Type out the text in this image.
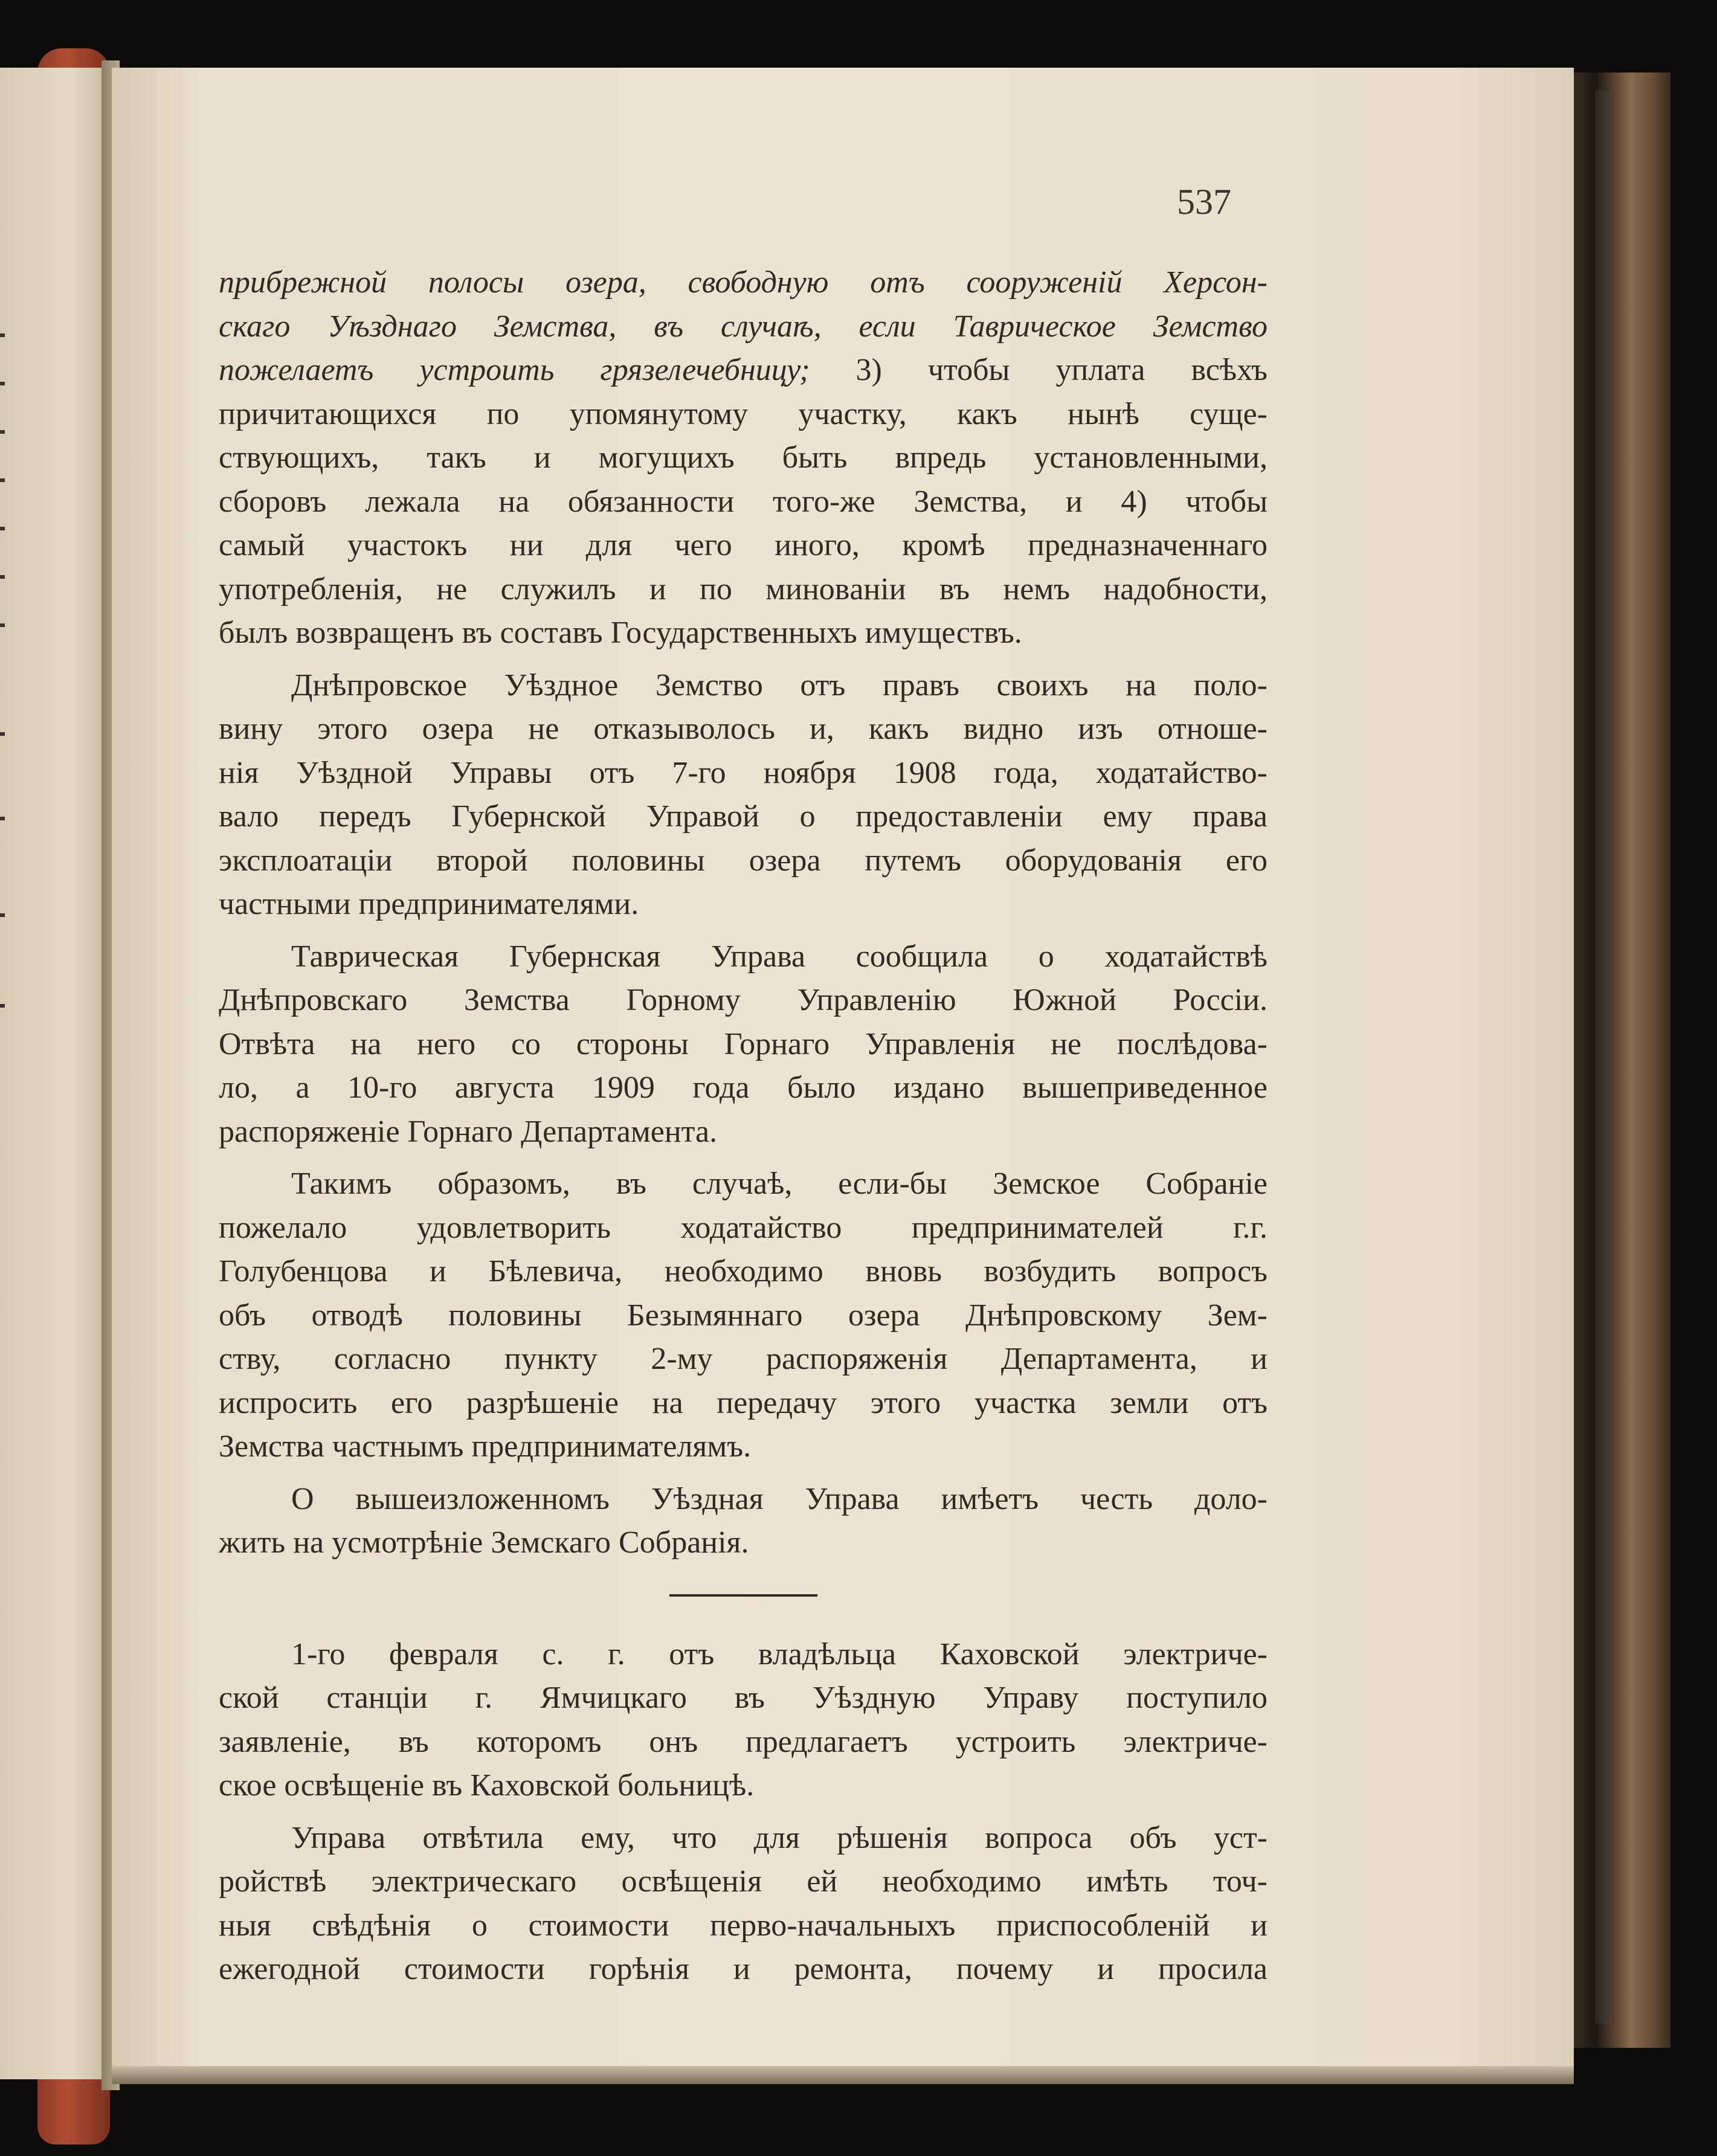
537
прибрежной полосы озера, свободную отъ сооруженій Херсон-
скаго Уѣзднаго Земства, въ случаѣ, если Таврическое Земство
пожелаетъ устроить грязелечебницу; 3) чтобы уплата всѣхъ
причитающихся по упомянутому участку, какъ нынѣ суще-
ствующихъ, такъ и могущихъ быть впредь установленными,
сборовъ лежала на обязанности того-же Земства, и 4) чтобы
самый участокъ ни для чего иного, кромѣ предназначеннаго
употребленія, не служилъ и по миновaніи въ немъ надобности,
былъ возвращенъ въ составъ Государственныхъ имуществъ.
Днѣпровское Уѣздное Земство отъ правъ своихъ на поло-
вину этого озера не отказыволось и, какъ видно изъ отноше-
нія Уѣздной Управы отъ 7-го ноября 1908 года, ходатайство-
вало передъ Губернской Управой о предоставленіи ему права
эксплоатаціи второй половины озера путемъ оборудованія его
частными предпринимателями.
Таврическая Губернская Управа сообщила о ходатайствѣ
Днѣпровскаго Земства Горному Управленію Южной Россіи.
Отвѣта на него со стороны Горнаго Управленія не послѣдова-
ло, а 10-го августа 1909 года было издано вышеприведенное
распоряженіе Горнаго Департамента.
Такимъ образомъ, въ случаѣ, если-бы Земское Собраніе
пожелало удовлетворить ходатайство предпринимателей г.г.
Голубенцова и Бѣлевича, необходимо вновь возбудить вопросъ
объ отводѣ половины Безымяннаго озера Днѣпровскому Зем-
ству, согласно пункту 2-му распоряженія Департамента, и
испросить его разрѣшеніе на передачу этого участка земли отъ
Земства частнымъ предпринимателямъ.
О вышеизложенномъ Уѣздная Управа имѣетъ честь доло-
жить на усмотрѣніе Земскаго Собранія.
1-го февраля с. г. отъ владѣльца Каховской электриче-
ской станціи г. Ямчицкаго въ Уѣздную Управу поступило
заявленіе, въ которомъ онъ предлагаетъ устроить электриче-
ское освѣщеніе въ Каховской больницѣ.
Управа отвѣтила ему, что для рѣшенія вопроса объ уст-
ройствѣ электрическаго освѣщенія ей необходимо имѣть точ-
ныя свѣдѣнія о стоимости перво-начальныхъ приспособленій и
ежегодной стоимости горѣнія и ремонта, почему и просила
